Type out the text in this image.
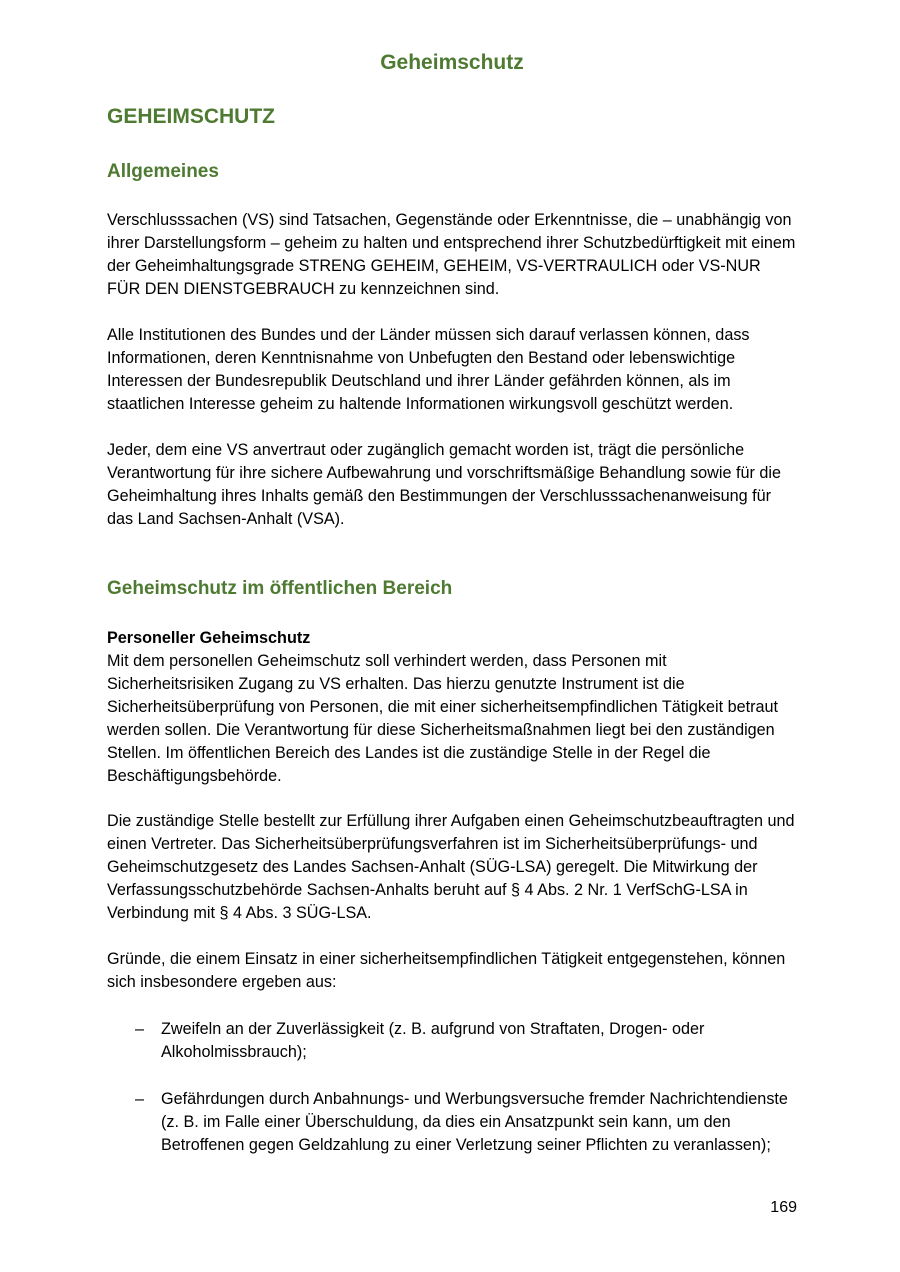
Geheimschutz
GEHEIMSCHUTZ
Allgemeines

Verschlusssachen (VS) sind Tatsachen, Gegenstände oder Erkenntnisse, die – unabhängig von ihrer Darstellungsform – geheim zu halten und entsprechend ihrer Schutzbedürftigkeit mit einem der Geheimhaltungsgrade STRENG GEHEIM, GEHEIM, VS-VERTRAULICH oder VS-NUR FÜR DEN DIENSTGEBRAUCH zu kennzeichnen sind.

Alle Institutionen des Bundes und der Länder müssen sich darauf verlassen können, dass Informationen, deren Kenntnisnahme von Unbefugten den Bestand oder lebenswichtige Interessen der Bundesrepublik Deutschland und ihrer Länder gefährden können, als im staatlichen Interesse geheim zu haltende Informationen wirkungsvoll geschützt werden.

Jeder, dem eine VS anvertraut oder zugänglich gemacht worden ist, trägt die persönliche Verantwortung für ihre sichere Aufbewahrung und vorschriftsmäßige Behandlung sowie für die Geheimhaltung ihres Inhalts gemäß den Bestimmungen der Verschlusssachenanweisung für das Land Sachsen-Anhalt (VSA).

Geheimschutz im öffentlichen Bereich
Personeller Geheimschutz
Mit dem personellen Geheimschutz soll verhindert werden, dass Personen mit Sicherheitsrisiken Zugang zu VS erhalten. Das hierzu genutzte Instrument ist die Sicherheitsüberprüfung von Personen, die mit einer sicherheitsempfindlichen Tätigkeit betraut werden sollen. Die Verantwortung für diese Sicherheitsmaßnahmen liegt bei den zuständigen Stellen. Im öffentlichen Bereich des Landes ist die zuständige Stelle in der Regel die Beschäftigungsbehörde.

Die zuständige Stelle bestellt zur Erfüllung ihrer Aufgaben einen Geheimschutzbeauftragten und einen Vertreter. Das Sicherheitsüberprüfungsverfahren ist im Sicherheitsüberprüfungs- und Geheimschutzgesetz des Landes Sachsen-Anhalt (SÜG-LSA) geregelt. Die Mitwirkung der Verfassungsschutzbehörde Sachsen-Anhalts beruht auf § 4 Abs. 2 Nr. 1 VerfSchG-LSA in Verbindung mit § 4 Abs. 3 SÜG-LSA.

Gründe, die einem Einsatz in einer sicherheitsempfindlichen Tätigkeit entgegenstehen, können sich insbesondere ergeben aus:

– Zweifeln an der Zuverlässigkeit (z. B. aufgrund von Straftaten, Drogen- oder Alkoholmissbrauch);
– Gefährdungen durch Anbahnungs- und Werbungsversuche fremder Nachrichtendienste (z. B. im Falle einer Überschuldung, da dies ein Ansatzpunkt sein kann, um den Betroffenen gegen Geldzahlung zu einer Verletzung seiner Pflichten zu veranlassen);
169
